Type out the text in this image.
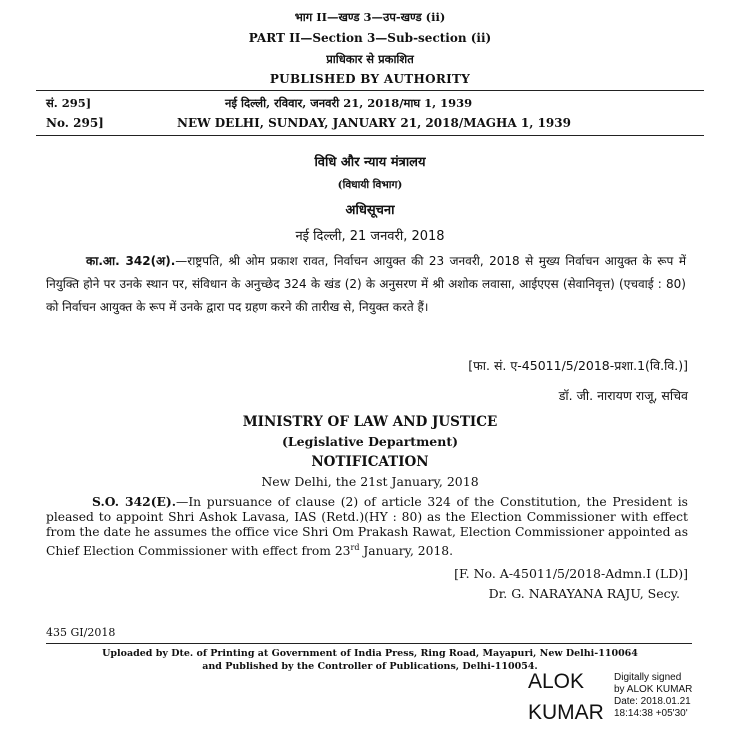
भाग II—खण्ड 3—उप-खण्ड (ii)
PART II—Section 3—Sub-section (ii)
प्राधिकार से प्रकाशित
PUBLISHED BY AUTHORITY
सं. 295]	नई दिल्ली, रविवार, जनवरी 21, 2018/माघ 1, 1939
No. 295]	NEW DELHI, SUNDAY, JANUARY 21, 2018/MAGHA 1, 1939
विधि और न्याय मंत्रालय
(विधायी विभाग)
अधिसूचना
नई दिल्ली, 21 जनवरी, 2018
का.आ. 342(अ).—राष्ट्रपति, श्री ओम प्रकाश रावत, निर्वाचन आयुक्त की 23 जनवरी, 2018 से मुख्य निर्वाचन आयुक्त के रूप में नियुक्ति होने पर उनके स्थान पर, संविधान के अनुच्छेद 324 के खंड (2) के अनुसरण में श्री अशोक लवासा, आईएएस (सेवानिवृत्त) (एचवाई : 80) को निर्वाचन आयुक्त के रूप में उनके द्वारा पद ग्रहण करने की तारीख से, नियुक्त करते हैं।
[फा. सं. ए-45011/5/2018-प्रशा.1(वि.वि.)]
डॉ. जी. नारायण राजू, सचिव
MINISTRY OF LAW AND JUSTICE
(Legislative Department)
NOTIFICATION
New Delhi, the 21st January, 2018
S.O. 342(E).—In pursuance of clause (2) of article 324 of the Constitution, the President is pleased to appoint Shri Ashok Lavasa, IAS (Retd.)(HY : 80) as the Election Commissioner with effect from the date he assumes the office vice Shri Om Prakash Rawat, Election Commissioner appointed as Chief Election Commissioner with effect from 23rd January, 2018.
[F. No. A-45011/5/2018-Admn.I (LD)]
Dr. G. NARAYANA RAJU, Secy.
435 GI/2018
Uploaded by Dte. of Printing at Government of India Press, Ring Road, Mayapuri, New Delhi-110064
and Published by the Controller of Publications, Delhi-110054.
ALOK
KUMAR
Digitally signed
by ALOK KUMAR
Date: 2018.01.21
18:14:38 +05'30'
